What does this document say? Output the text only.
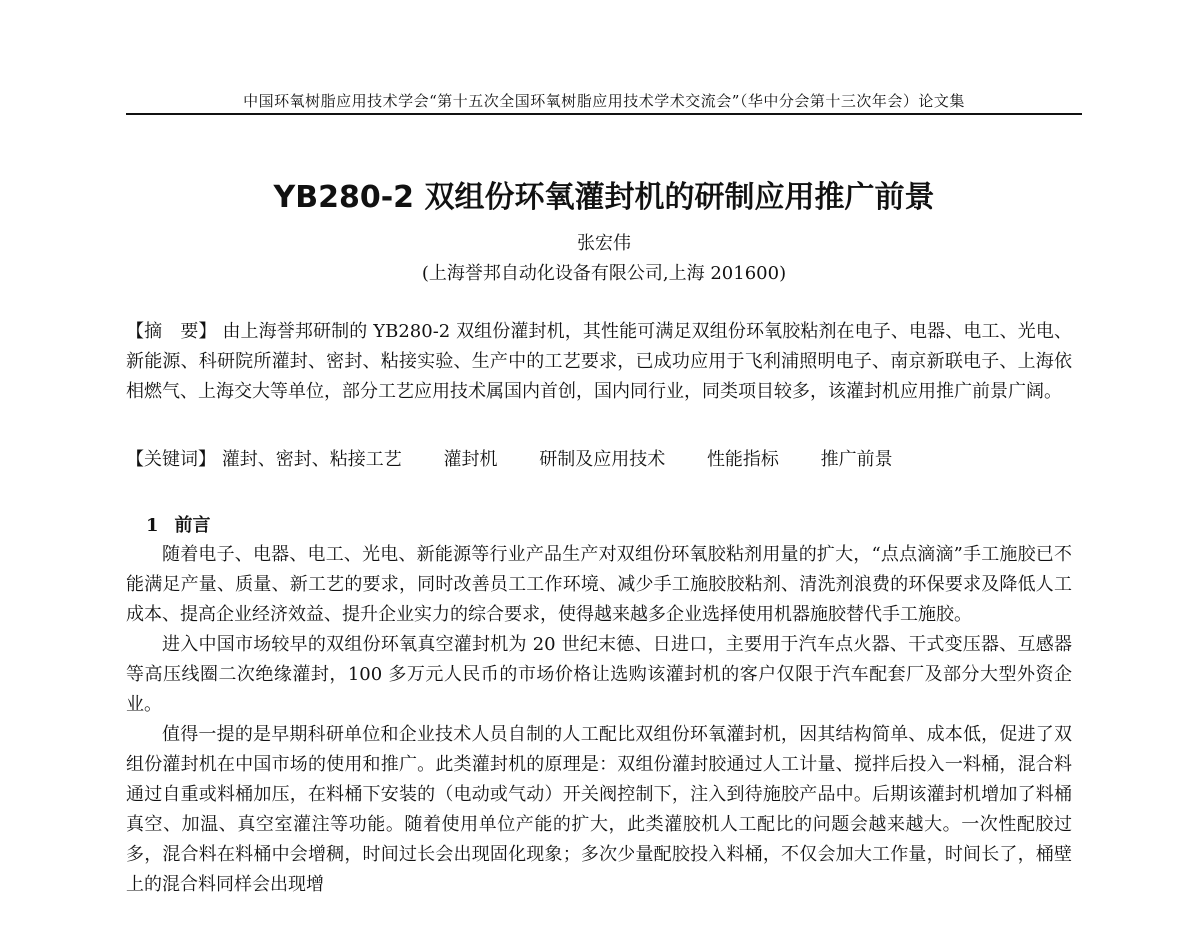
中国环氧树脂应用技术学会“第十五次全国环氧树脂应用技术学术交流会”（华中分会第十三次年会）论文集
YB280-2 双组份环氧灌封机的研制应用推广前景
张宏伟
(上海誉邦自动化设备有限公司,上海 201600)
【摘　要】 由上海誉邦研制的 YB280-2 双组份灌封机，其性能可满足双组份环氧胶粘剂在电子、电器、电工、光电、新能源、科研院所灌封、密封、粘接实验、生产中的工艺要求，已成功应用于飞利浦照明电子、南京新联电子、上海依相燃气、上海交大等单位，部分工艺应用技术属国内首创，国内同行业，同类项目较多，该灌封机应用推广前景广阔。
【关键词】 灌封、密封、粘接工艺 灌封机 研制及应用技术 性能指标 推广前景
1 前言

随着电子、电器、电工、光电、新能源等行业产品生产对双组份环氧胶粘剂用量的扩大，“点点滴滴”手工施胶已不能满足产量、质量、新工艺的要求，同时改善员工工作环境、减少手工施胶胶粘剂、清洗剂浪费的环保要求及降低人工成本、提高企业经济效益、提升企业实力的综合要求，使得越来越多企业选择使用机器施胶替代手工施胶。

进入中国市场较早的双组份环氧真空灌封机为 20 世纪末德、日进口，主要用于汽车点火器、干式变压器、互感器等高压线圈二次绝缘灌封，100 多万元人民币的市场价格让选购该灌封机的客户仅限于汽车配套厂及部分大型外资企业。

值得一提的是早期科研单位和企业技术人员自制的人工配比双组份环氧灌封机，因其结构简单、成本低，促进了双组份灌封机在中国市场的使用和推广。此类灌封机的原理是：双组份灌封胶通过人工计量、搅拌后投入一料桶，混合料通过自重或料桶加压，在料桶下安装的（电动或气动）开关阀控制下，注入到待施胶产品中。后期该灌封机增加了料桶真空、加温、真空室灌注等功能。随着使用单位产能的扩大，此类灌胶机人工配比的问题会越来越大。一次性配胶过多，混合料在料桶中会增稠，时间过长会出现固化现象；多次少量配胶投入料桶，不仅会加大工作量，时间长了，桶壁上的混合料同样会出现增
